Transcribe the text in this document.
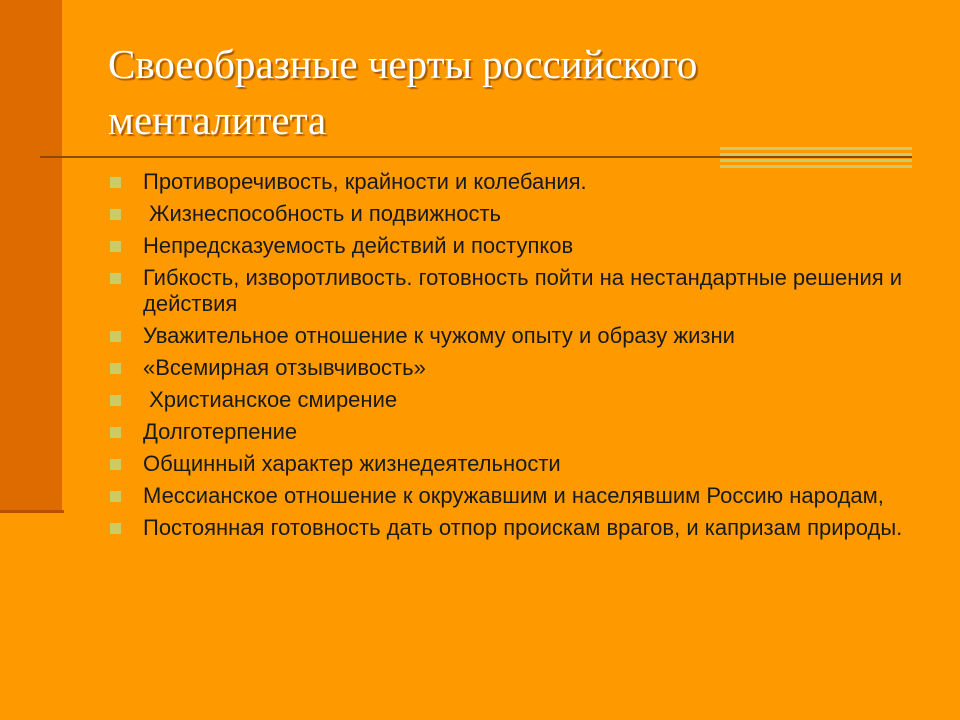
Своеобразные черты российского
менталитета
Противоречивость, крайности и колебания.
Жизнеспособность и подвижность
Непредсказуемость действий и поступков
Гибкость, изворотливость. готовность пойти на нестандартные решения и действия
Уважительное отношение к чужому опыту и образу жизни
«Всемирная отзывчивость»
Христианское смирение
Долготерпение
Общинный характер жизнедеятельности
Мессианское отношение к окружавшим и населявшим Россию народам,
Постоянная готовность дать отпор проискам врагов, и капризам природы.
